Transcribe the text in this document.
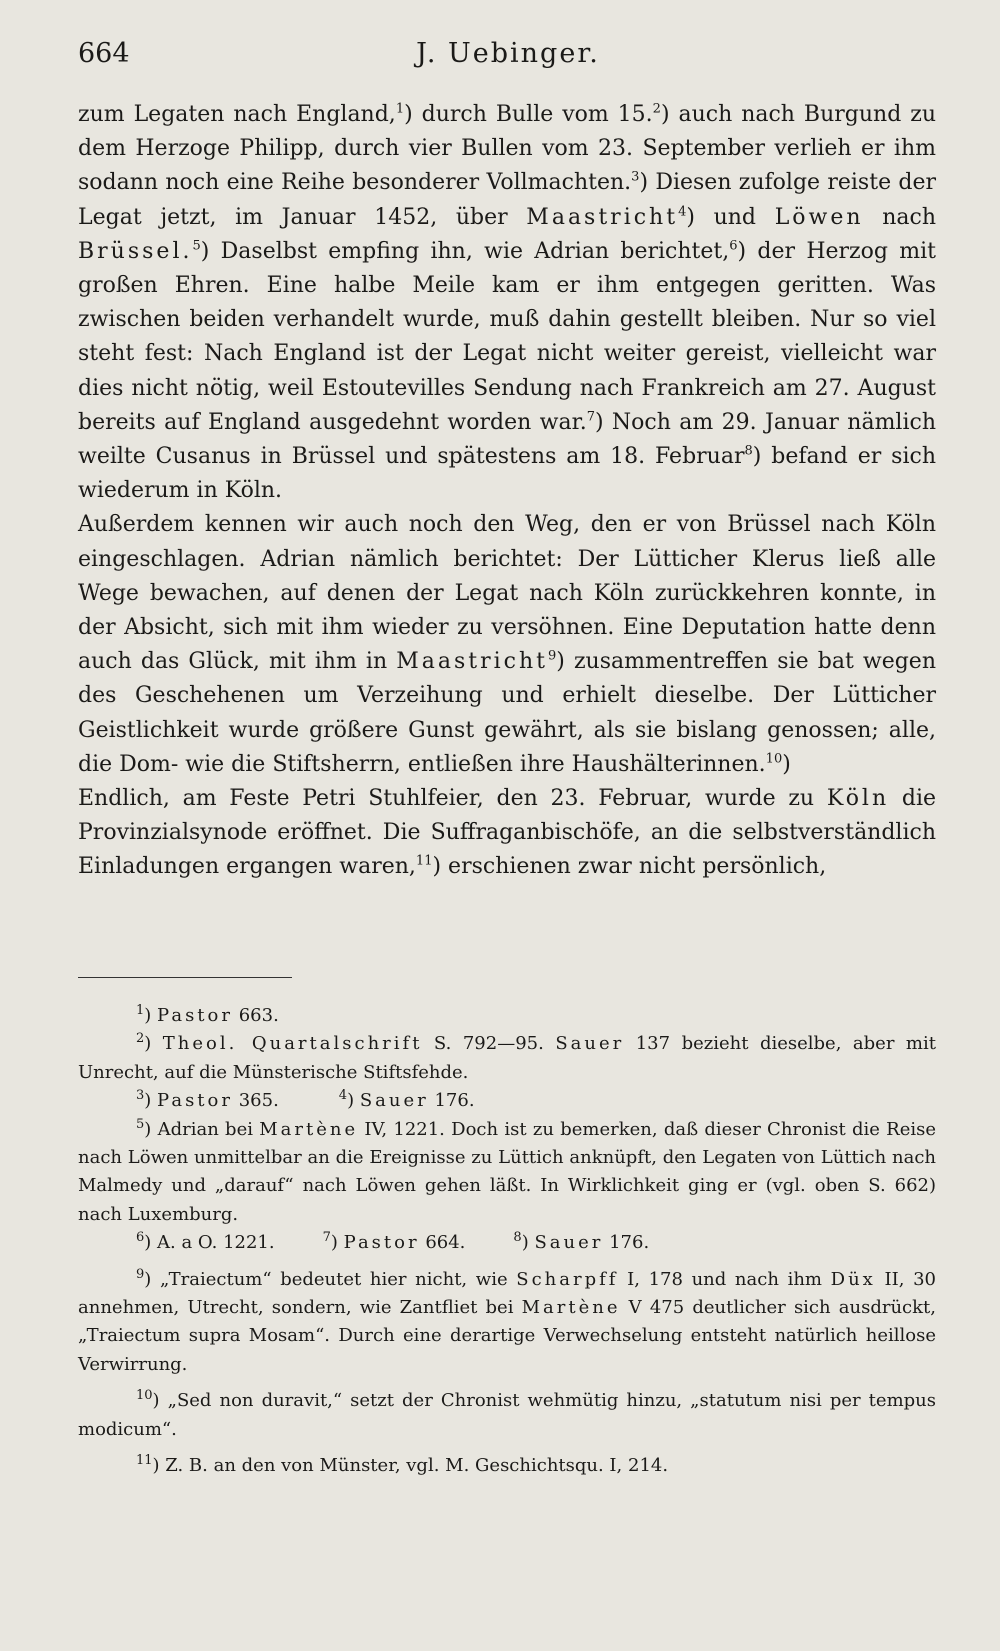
664	J. Uebinger.

zum Legaten nach England,$^1$) durch Bulle vom 15.$^2$) auch nach Burgund zu dem Herzoge Philipp, durch vier Bullen vom 23. September verlieh er ihm sodann noch eine Reihe besonderer Vollmachten.$^3$) Diesen zufolge reiste der Legat jetzt, im Januar 1452, über Maastricht$^4$) und Löwen nach Brüssel.$^5$) Daselbst empfing ihn, wie Adrian berichtet,$^6$) der Herzog mit großen Ehren. Eine halbe Meile kam er ihm entgegen geritten. Was zwischen beiden verhandelt wurde, muß dahin gestellt bleiben. Nur so viel steht fest: Nach England ist der Legat nicht weiter gereist, vielleicht war dies nicht nötig, weil Estoutevilles Sendung nach Frankreich am 27. August bereits auf England ausgedehnt worden war.$^7$) Noch am 29. Januar nämlich weilte Cusanus in Brüssel und spätestens am 18. Februar$^8$) befand er sich wiederum in Köln.

Außerdem kennen wir auch noch den Weg, den er von Brüssel nach Köln eingeschlagen. Adrian nämlich berichtet: Der Lütticher Klerus ließ alle Wege bewachen, auf denen der Legat nach Köln zurückkehren konnte, in der Absicht, sich mit ihm wieder zu versöhnen. Eine Deputation hatte denn auch das Glück, mit ihm in Maastricht$^9$) zusammentreffen sie bat wegen des Geschehenen um Verzeihung und erhielt dieselbe. Der Lütticher Geistlichkeit wurde größere Gunst gewährt, als sie bislang genossen; alle, die Dom- wie die Stiftsherrn, entließen ihre Haushälterinnen.$^{10}$)

Endlich, am Feste Petri Stuhlfeier, den 23. Februar, wurde zu Köln die Provinzialsynode eröffnet. Die Suffraganbischöfe, an die selbstverständlich Einladungen ergangen waren,$^{11}$) erschienen zwar nicht persönlich,

$^1$) Pastor 663.

$^2$) Theol. Quartalschrift S. 792—95. Sauer 137 bezieht dieselbe, aber mit Unrecht, auf die Münsterische Stiftsfehde.

$^3$) Pastor 365.	$^4$) Sauer 176.

$^5$) Adrian bei Martène IV, 1221. Doch ist zu bemerken, daß dieser Chronist die Reise nach Löwen unmittelbar an die Ereignisse zu Lüttich anknüpft, den Legaten von Lüttich nach Malmedy und „darauf“ nach Löwen gehen läßt. In Wirklichkeit ging er (vgl. oben S. 662) nach Luxemburg.

$^6$) A. a O. 1221.	$^7$) Pastor 664.	$^8$) Sauer 176.

$^9$) „Traiectum“ bedeutet hier nicht, wie Scharpff I, 178 und nach ihm Düx II, 30 annehmen, Utrecht, sondern, wie Zantfliet bei Martène V 475 deutlicher sich ausdrückt, „Traiectum supra Mosam“. Durch eine derartige Verwechselung entsteht natürlich heillose Verwirrung.

$^{10}$) „Sed non duravit,“ setzt der Chronist wehmütig hinzu, „statutum nisi per tempus modicum“.

$^{11}$) Z. B. an den von Münster, vgl. M. Geschichtsqu. I, 214.
